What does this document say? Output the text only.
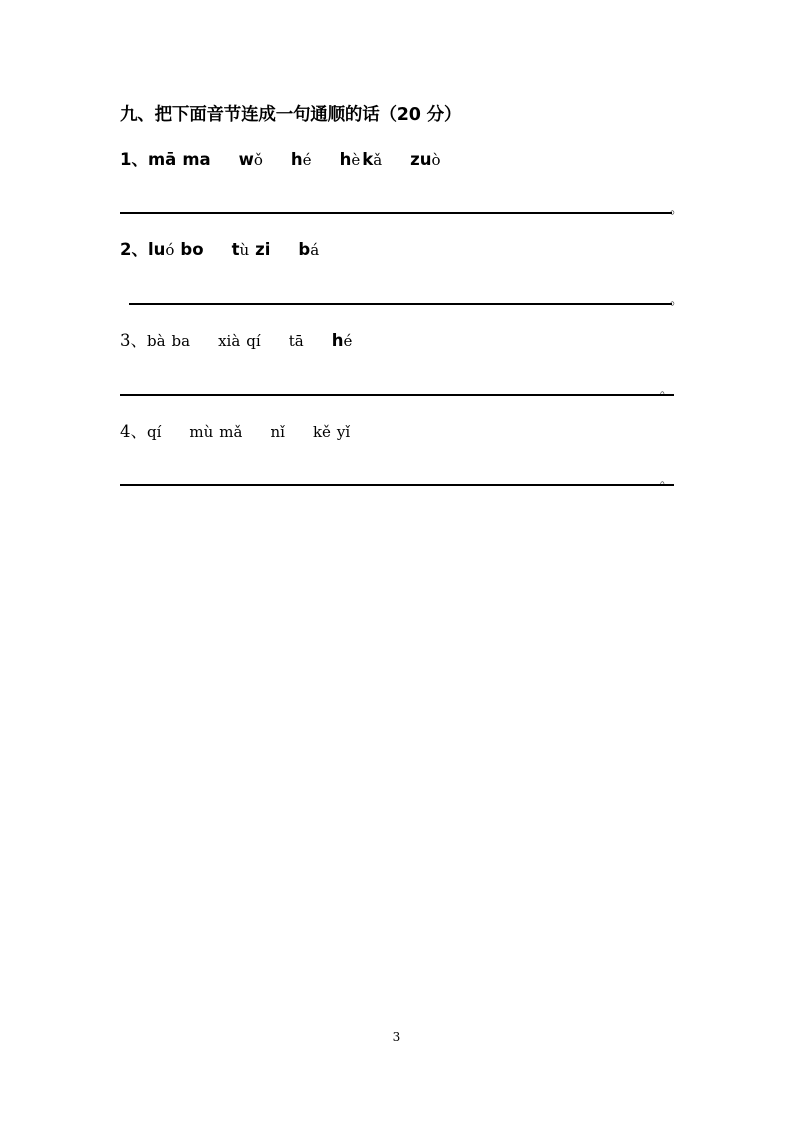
九、把下面音节连成一句通顺的话（20 分）
1、mā ma wǒ hé hè kǎ zuò
。
2、luó bo tù zi bá
。
3、bà ba xià qí tā hé
。
4、qí mù mǎ nǐ kě yǐ
。
3
